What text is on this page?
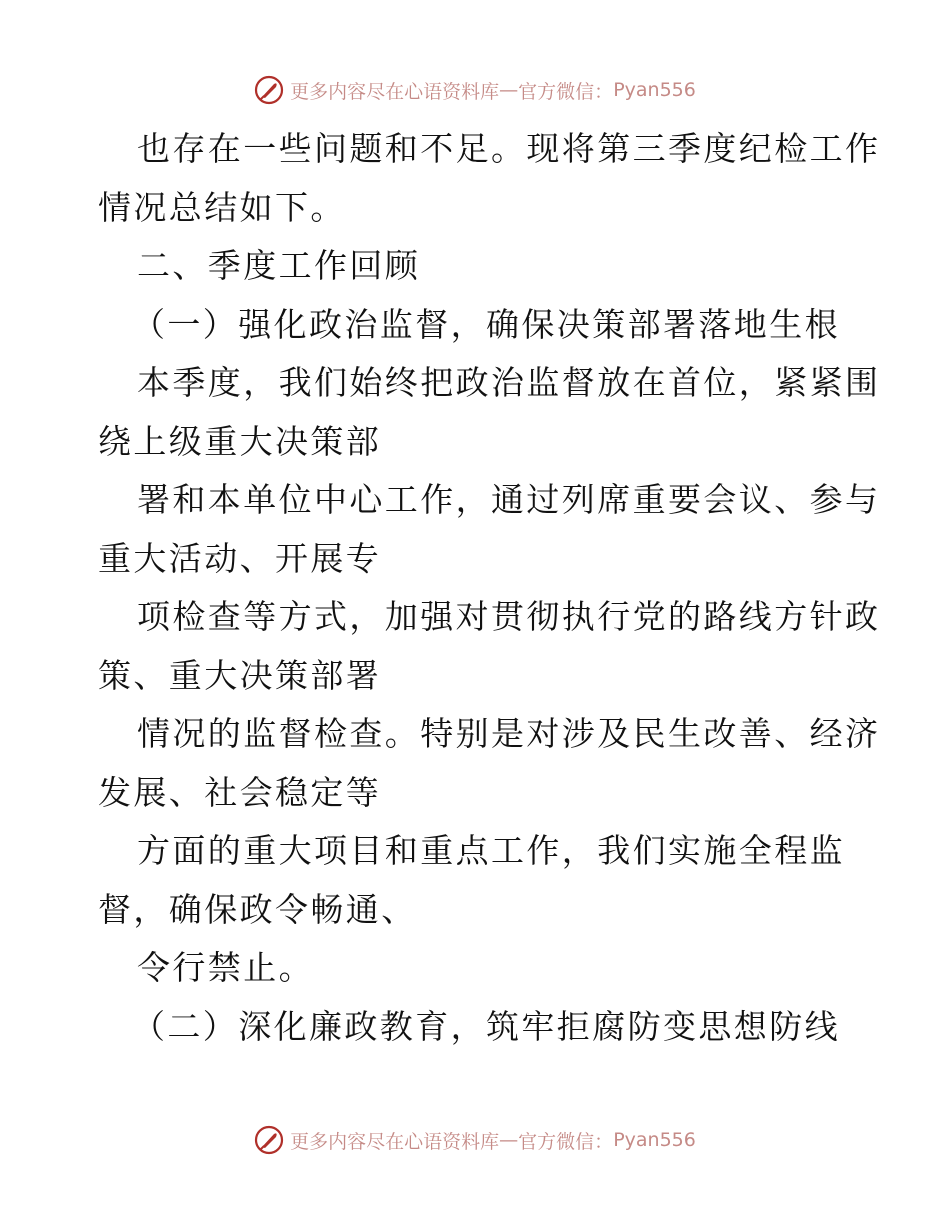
更多内容尽在心语资料库 — 官方微信： Pyan556
也存在一些问题和不足。现将第三季度纪检工作
情况总结如下。
二、季度工作回顾
（一）强化政治监督，确保决策部署落地生根
本季度，我们始终把政治监督放在首位，紧紧围
绕上级重大决策部
署和本单位中心工作，通过列席重要会议、参与
重大活动、开展专
项检查等方式，加强对贯彻执行党的路线方针政
策、重大决策部署
情况的监督检查。特别是对涉及民生改善、经济
发展、社会稳定等
方面的重大项目和重点工作，我们实施全程监
督，确保政令畅通、
令行禁止。
（二）深化廉政教育，筑牢拒腐防变思想防线
更多内容尽在心语资料库 — 官方微信： Pyan556
